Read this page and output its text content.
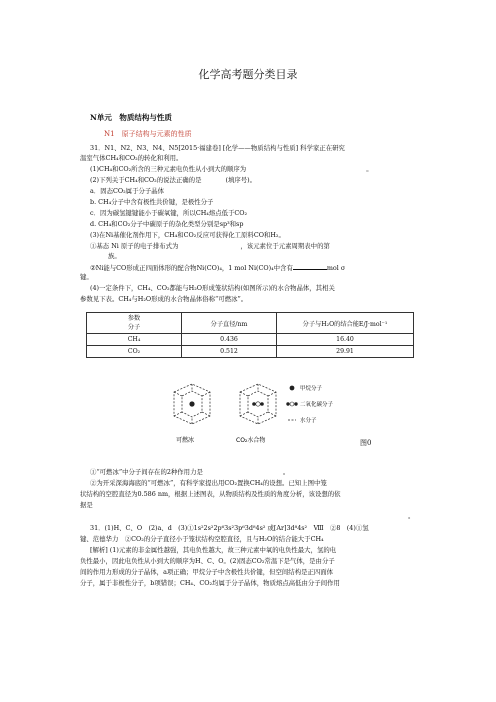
化学高考题分类目录
N单元　物质结构与性质
N1　原子结构与元素的性质
31．N1、N2、N3、N4、N5[2015·福建卷] [化学——物质结构与性质] 科学家正在研究
温室气体CH₄和CO₂的转化和利用。
(1)CH₄和CO₂所含的三种元素电负性从小到大的顺序为	。
(2)下列关于CH₄和CO₂的说法正确的是	(填序号)。
a．固态CO₂属于分子晶体
b. CH₄分子中含有极性共价键，是极性分子
c．因为碳氢键键能小于碳氧键，所以CH₄熔点低于CO₂
d. CH₄和CO₂分子中碳原子的杂化类型分别是sp³和sp
(3)在Ni基催化剂作用下，CH₄和CO₂反应可获得化工原料CO和H₂。
①基态 Ni 原子的电子排布式为	，该元素位于元素周期表中的第
族。
②Ni能与CO形成正四面体形的配合物Ni(CO)₄，1 mol Ni(CO)₄中含有	mol σ
键。
(4)一定条件下，CH₄、CO₂都能与H₂O形成笼状结构(如图所示)的水合物晶体，其相关
参数见下表。CH₄与H₂O形成的水合物晶体俗称“可燃冰”。
参数
分子	分子直径/nm	分子与H₂O的结合能E/J·mol⁻¹
CH₄	0.436	16.40
CO₂	0.512	29.91
可燃冰	CO₂水合物
甲烷分子
二氧化碳分子
水分子
图0
①“可燃冰”中分子间存在的2种作用力是	。
②为开采深海海底的“可燃冰”，有科学家提出用CO₂置换CH₄的设想。已知上图中笼
状结构的空腔直径为0.586 nm，根据上述图表，从物质结构及性质的角度分析，该设想的依
据是
。
31．(1)H、C、O　(2)a、d　(3)①1s²2s²2p⁶3s²3p⁶3d⁸4s² 或[Ar]3d⁸4s²　Ⅷ　②8　(4)①氢
键、范德华力　②CO₂的分子直径小于笼状结构空腔直径，且与H₂O的结合能大于CH₄
[解析] (1)元素的非金属性越强，其电负性越大，故三种元素中氧的电负性最大，氢的电
负性最小，因此电负性从小到大的顺序为H、C、O。(2)固态CO₂常温下是气体，是由分子
间的作用力形成的分子晶体，a项正确；甲烷分子中含极性共价键，但空间结构是正四面体
分子，属于非极性分子，b项错误；CH₄、CO₂均属于分子晶体，物质熔点高低由分子间作用
